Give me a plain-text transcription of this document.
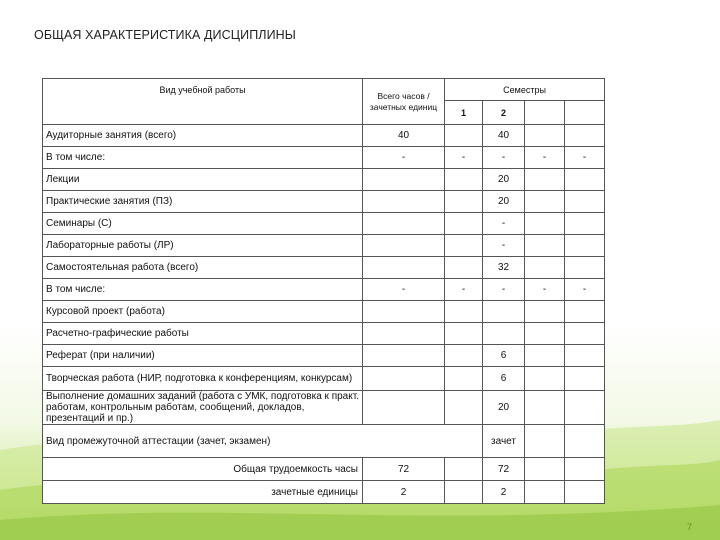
ОБЩАЯ ХАРАКТЕРИСТИКА ДИСЦИПЛИНЫ
Вид учебной работы	Всего часов / зачетных единиц	Семестры			
		1	2		
Аудиторные занятия (всего)	40		40		
В том числе:	-	-	-	-	-
Лекции			20		
Практические занятия (ПЗ)			20		
Семинары (С)			-		
Лабораторные работы (ЛР)			-		
Самостоятельная работа (всего)			32		
В том числе:	-	-	-	-	-
Курсовой проект (работа)					
Расчетно-графические работы					
Реферат (при наличии)			6		
Творческая работа (НИР, подготовка к конференциям, конкурсам)			6		
Выполнение домашних заданий (работа с УМК, подготовка к практ. работам, контрольным работам, сообщений, докладов, презентаций и пр.)			20		
Вид промежуточной аттестации (зачет, экзамен)			зачет		
Общая трудоемкость часы	72		72		
зачетные единицы	2		2		
7
